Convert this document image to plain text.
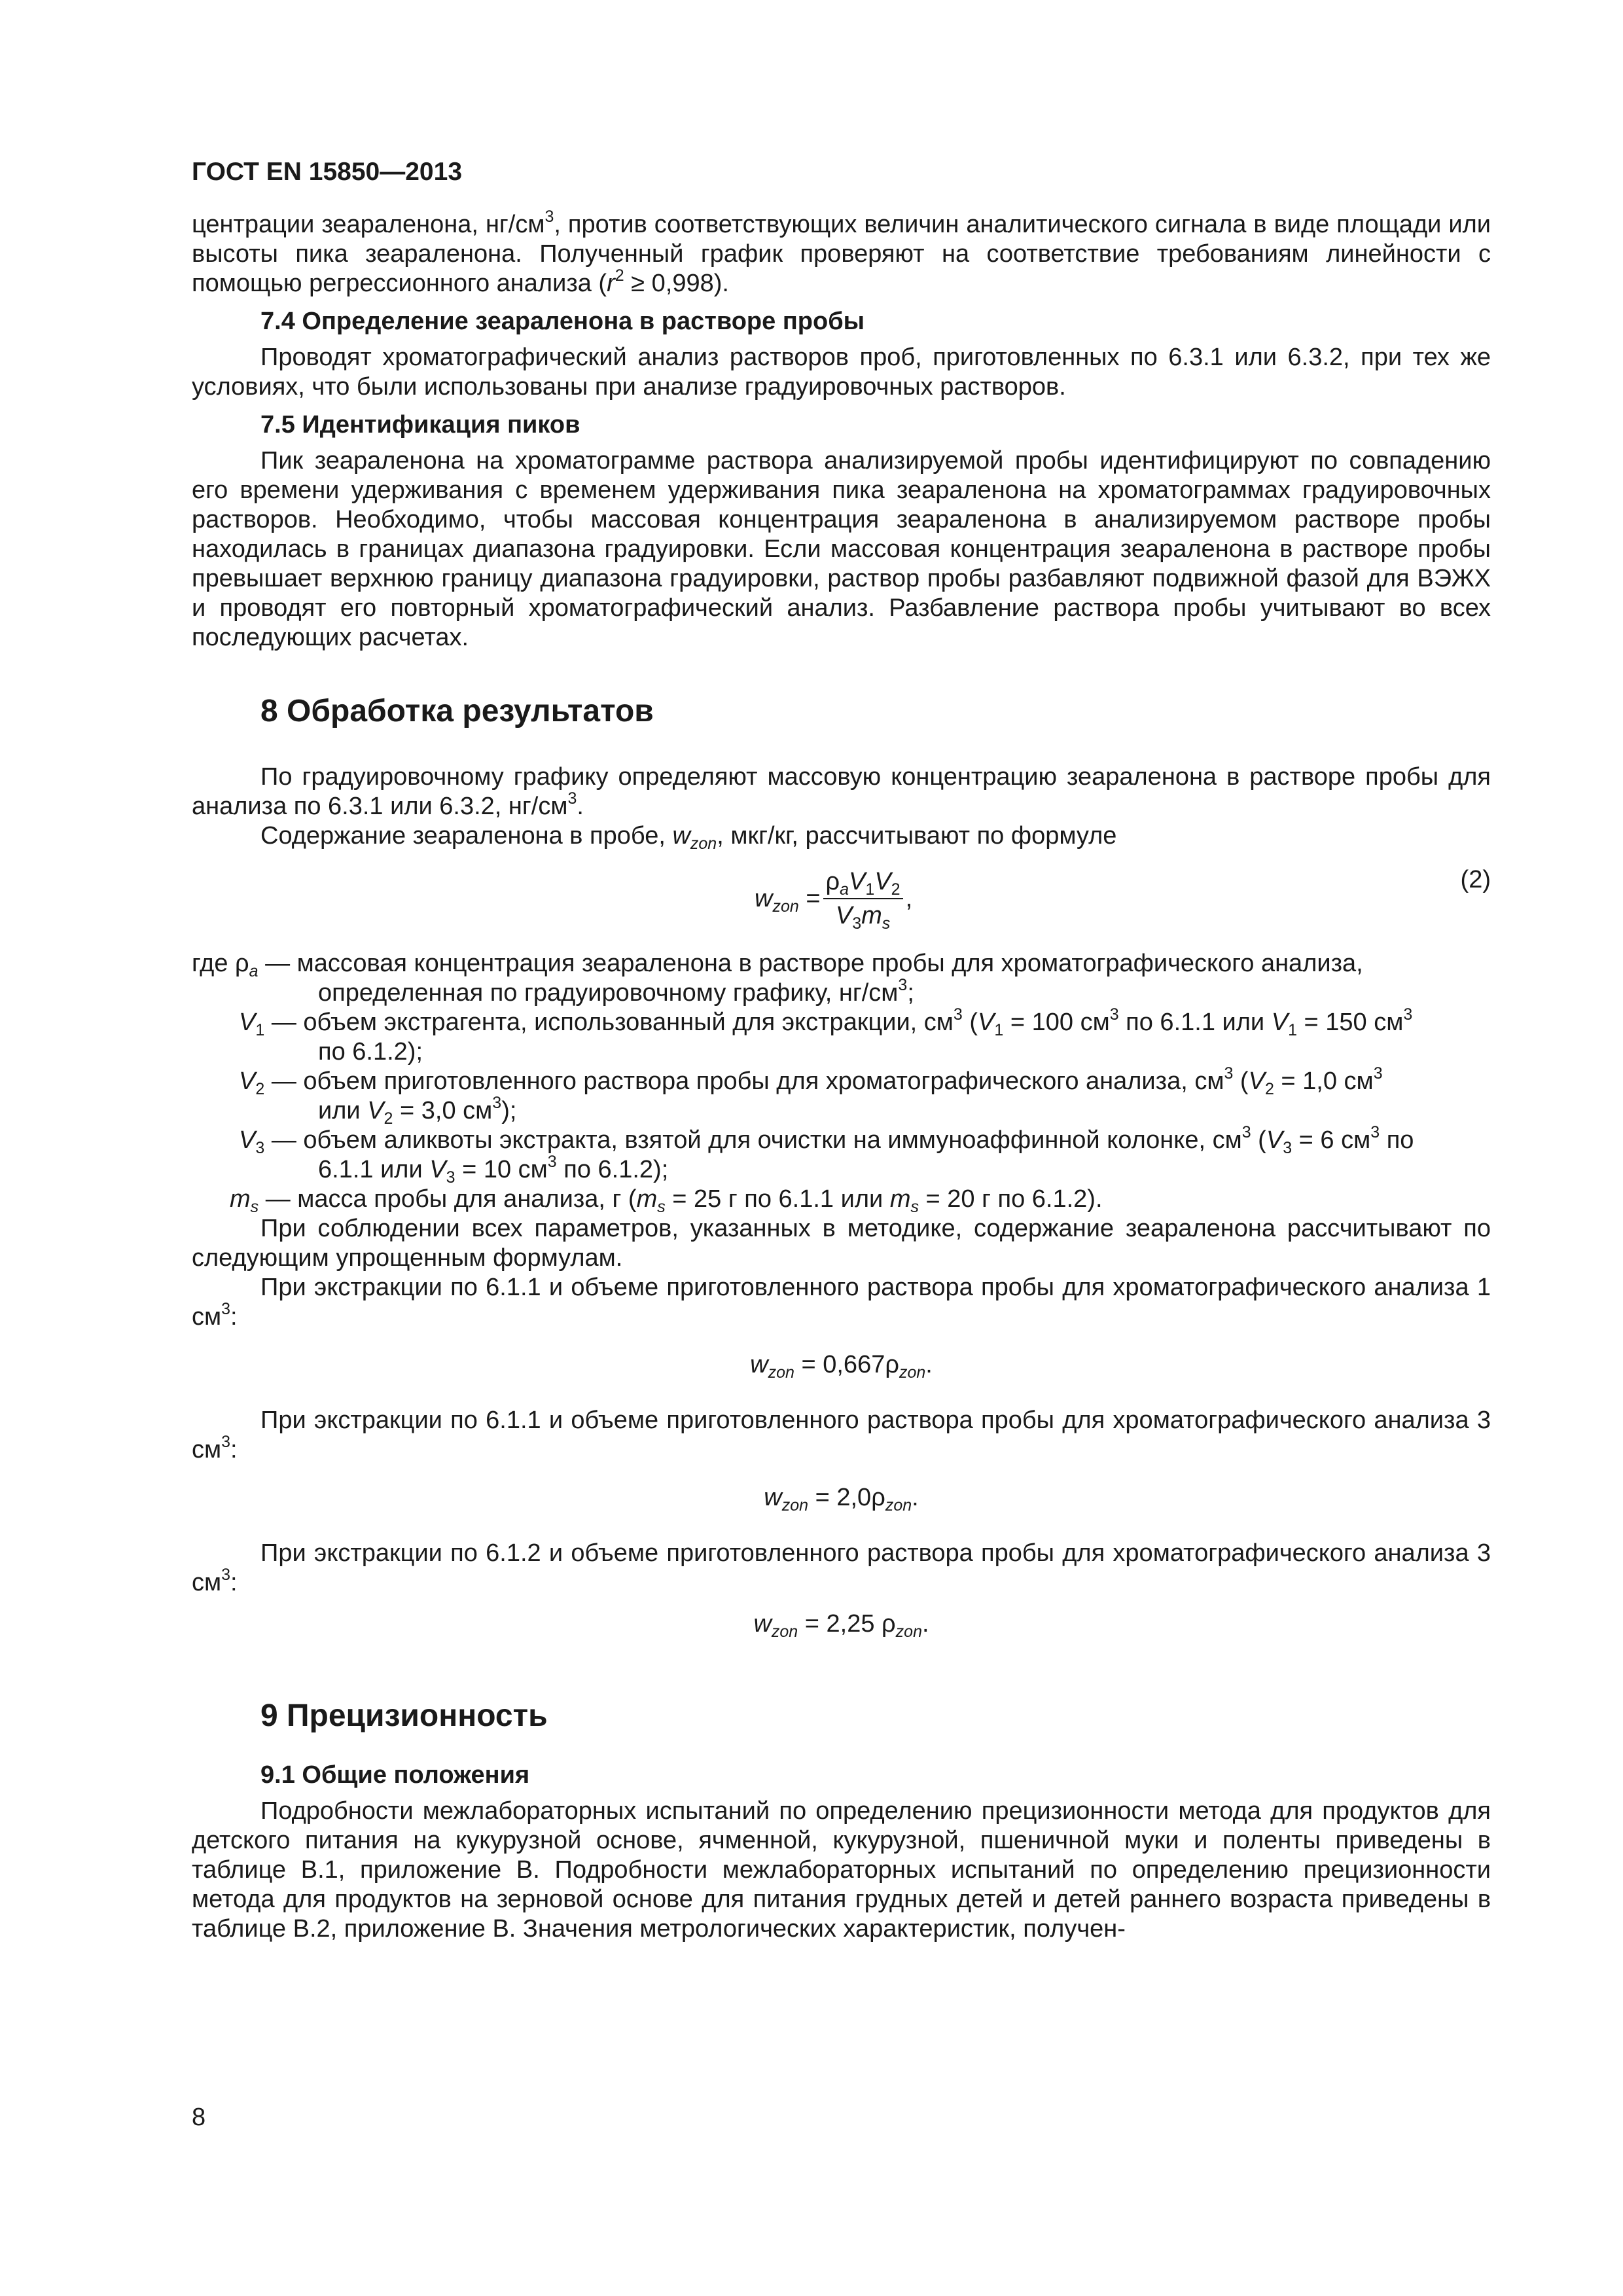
ГОСТ EN 15850—2013

центрации зеараленона, $нг/см^3$, против соответствующих величин аналитического сигнала в виде площади или высоты пика зеараленона. Полученный график проверяют на соответствие требованиям линейности с помощью регрессионного анализа $(r^2 \ge 0,998)$.

7.4 Определение зеараленона в растворе пробы

Проводят хроматографический анализ растворов проб, приготовленных по 6.3.1 или 6.3.2, при тех же условиях, что были использованы при анализе градуировочных растворов.

7.5 Идентификация пиков

Пик зеараленона на хроматограмме раствора анализируемой пробы идентифицируют по совпадению его времени удерживания с временем удерживания пика зеараленона на хроматограммах градуировочных растворов. Необходимо, чтобы массовая концентрация зеараленона в анализируемом растворе пробы находилась в границах диапазона градуировки. Если массовая концентрация зеараленона в растворе пробы превышает верхнюю границу диапазона градуировки, раствор пробы разбавляют подвижной фазой для ВЭЖХ и проводят его повторный хроматографический анализ. Разбавление раствора пробы учитывают во всех последующих расчетах.

8 Обработка результатов

По градуировочному графику определяют массовую концентрацию зеараленона в растворе пробы для анализа по 6.3.1 или 6.3.2, $нг/см^3$.

Содержание зеараленона в пробе, $w_{zon}$, мкг/кг, рассчитывают по формуле

$w_{zon} = \frac{\rho_aV_1V_2}{V_3m_s}$ ,
(2)

где $\rho_a$ — массовая концентрация зеараленона в растворе пробы для хроматографического анализа,

определенная по градуировочному графику, $нг/см^3$;

$V_1$ — объем экстрагента, использованный для экстракции, $см^3$ ($V_1 = 100$ $см^3$ по 6.1.1 или $V_1 = 150$ $см^3$

по 6.1.2);

$V_2$ — объем приготовленного раствора пробы для хроматографического анализа, $см^3$ ($V_2 = 1,0$ $см^3$

или $V_2 = 3,0$ $см^3$);

$V_3$ — объем аликвоты экстракта, взятой для очистки на иммуноаффинной колонке, $см^3$ ($V_3 = 6$ $см^3$ по

6.1.1 или $V_3 = 10$ $см^3$ по 6.1.2);

$m_s$ — масса пробы для анализа, г ($m_s = 25$ г по 6.1.1 или $m_s = 20$ г по 6.1.2).

При соблюдении всех параметров, указанных в методике, содержание зеараленона рассчитывают по следующим упрощенным формулам.

При экстракции по 6.1.1 и объеме приготовленного раствора пробы для хроматографического анализа 1 $см^3$:

$w_{zon} = 0,667\rho_{zon}$.

При экстракции по 6.1.1 и объеме приготовленного раствора пробы для хроматографического анализа 3 $см^3$:

$w_{zon} = 2,0\rho_{zon}$.

При экстракции по 6.1.2 и объеме приготовленного раствора пробы для хроматографического анализа 3 $см^3$:

$w_{zon} = 2,25$ $\rho_{zon}$.
9 Прецизионность
9.1 Общие положения

Подробности межлабораторных испытаний по определению прецизионности метода для продуктов для детского питания на кукурузной основе, ячменной, кукурузной, пшеничной муки и поленты приведены в таблице В.1, приложение В. Подробности межлабораторных испытаний по определению прецизионности метода для продуктов на зерновой основе для питания грудных детей и детей раннего возраста приведены в таблице В.2, приложение В. Значения метрологических характеристик, получен-

8
